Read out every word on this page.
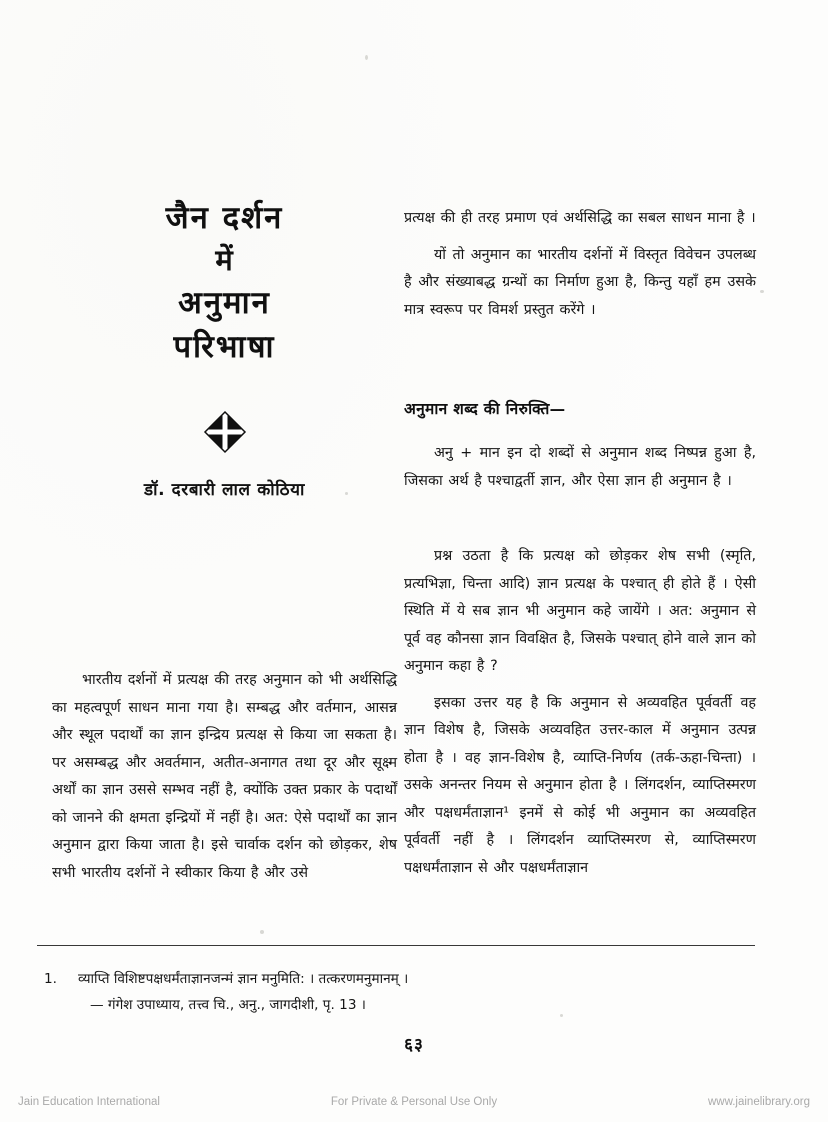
जैन दर्शन
में
अनुमान
परिभाषा
डॉ. दरबारी लाल कोठिया

भारतीय दर्शनों में प्रत्यक्ष की तरह अनुमान को भी अर्थसिद्धि का महत्वपूर्ण साधन माना गया है। सम्बद्ध और वर्तमान, आसन्न और स्थूल पदार्थों का ज्ञान इन्द्रिय प्रत्यक्ष से किया जा सकता है। पर असम्बद्ध और अवर्तमान, अतीत-अनागत तथा दूर और सूक्ष्म अर्थों का ज्ञान उससे सम्भव नहीं है, क्योंकि उक्त प्रकार के पदार्थों को जानने की क्षमता इन्द्रियों में नहीं है। अत: ऐसे पदार्थों का ज्ञान अनुमान द्वारा किया जाता है। इसे चार्वाक दर्शन को छोड़कर, शेष सभी भारतीय दर्शनों ने स्वीकार किया है और उसे

प्रत्यक्ष की ही तरह प्रमाण एवं अर्थसिद्धि का सबल साधन माना है ।

यों तो अनुमान का भारतीय दर्शनों में विस्तृत विवेचन उपलब्ध है और संख्याबद्ध ग्रन्थों का निर्माण हुआ है, किन्तु यहाँ हम उसके मात्र स्वरूप पर विमर्श प्रस्तुत करेंगे ।

अनुमान शब्द की निरुक्ति—

अनु + मान इन दो शब्दों से अनुमान शब्द निष्पन्न हुआ है, जिसका अर्थ है पश्चाद्वर्ती ज्ञान, और ऐसा ज्ञान ही अनुमान है ।

प्रश्न उठता है कि प्रत्यक्ष को छोड़कर शेष सभी (स्मृति, प्रत्यभिज्ञा, चिन्ता आदि) ज्ञान प्रत्यक्ष के पश्चात् ही होते हैं । ऐसी स्थिति में ये सब ज्ञान भी अनुमान कहे जायेंगे । अत: अनुमान से पूर्व वह कौनसा ज्ञान विवक्षित है, जिसके पश्चात् होने वाले ज्ञान को अनुमान कहा है ?

इसका उत्तर यह है कि अनुमान से अव्यवहित पूर्ववर्ती वह ज्ञान विशेष है, जिसके अव्यवहित उत्तर-काल में अनुमान उत्पन्न होता है । वह ज्ञान-विशेष है, व्याप्ति-निर्णय (तर्क-ऊहा-चिन्ता) । उसके अनन्तर नियम से अनुमान होता है । लिंगदर्शन, व्याप्तिस्मरण और पक्षधर्मंताज्ञान¹ इनमें से कोई भी अनुमान का अव्यवहित पूर्ववर्ती नहीं है । लिंगदर्शन व्याप्तिस्मरण से, व्याप्तिस्मरण पक्षधर्मंताज्ञान से और पक्षधर्मंताज्ञान

1. व्याप्ति विशिष्टपक्षधर्मंताज्ञानजन्मं ज्ञान मनुमिति: । तत्करणमनुमानम् ।
— गंगेश उपाध्याय, तत्त्व चि., अनु., जागदीशी, पृ. 13 ।
६३
Jain Education International	For Private & Personal Use Only	www.jainelibrary.org
